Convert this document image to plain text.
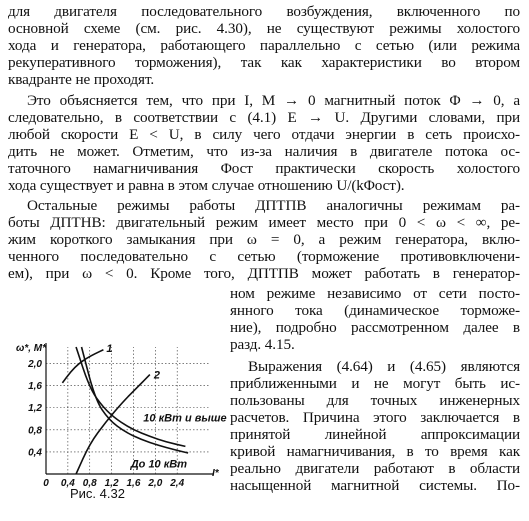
для двигателя последовательного возбуждения, включенного по
основной схеме (см. рис. 4.30), не существуют режимы холостого
хода и генератора, работающего параллельно с сетью (или режима
рекуперативного торможения), так как характеристики во втором
квадранте не проходят.
Это объясняется тем, что при I, M → 0 магнитный поток Φ → 0, а
следовательно, в соответствии с (4.1) E → U. Другими словами, при
любой скорости E < U, в силу чего отдачи энергии в сеть происхо-
дить не может. Отметим, что из-за наличия в двигателе потока ос-
таточного намагничивания Φост практически скорость холостого
хода существует и равна в этом случае отношению U/(kΦост).
Остальные режимы работы ДПТПВ аналогичны режимам ра-
боты ДПТНВ: двигательный режим имеет место при 0 < ω < ∞, ре-
жим короткого замыкания при ω = 0, а режим генератора, вклю-
ченного последовательно с сетью (торможение противовключени-
ем), при ω < 0. Кроме того, ДПТПВ может работать в генератор-
ном режиме независимо от сети посто-
янного тока (динамическое торможе-
ние), подробно рассмотренном далее в
разд. 4.15.
Выражения (4.64) и (4.65) являются
приближенными и не могут быть ис-
пользованы для точных инженерных
расчетов. Причина этого заключается в
принятой линейной аппроксимации
кривой намагничивания, в то время как
реально двигатели работают в области
насыщенной магнитной системы. По-
0 0,4 0,8 1,2 1,6 2,0 2,4
0,4
0,8
1,2
1,6
2,0
ω*, M*
I*
1
2
10 кВт и выше
До 10 кВт
Рис. 4.32
